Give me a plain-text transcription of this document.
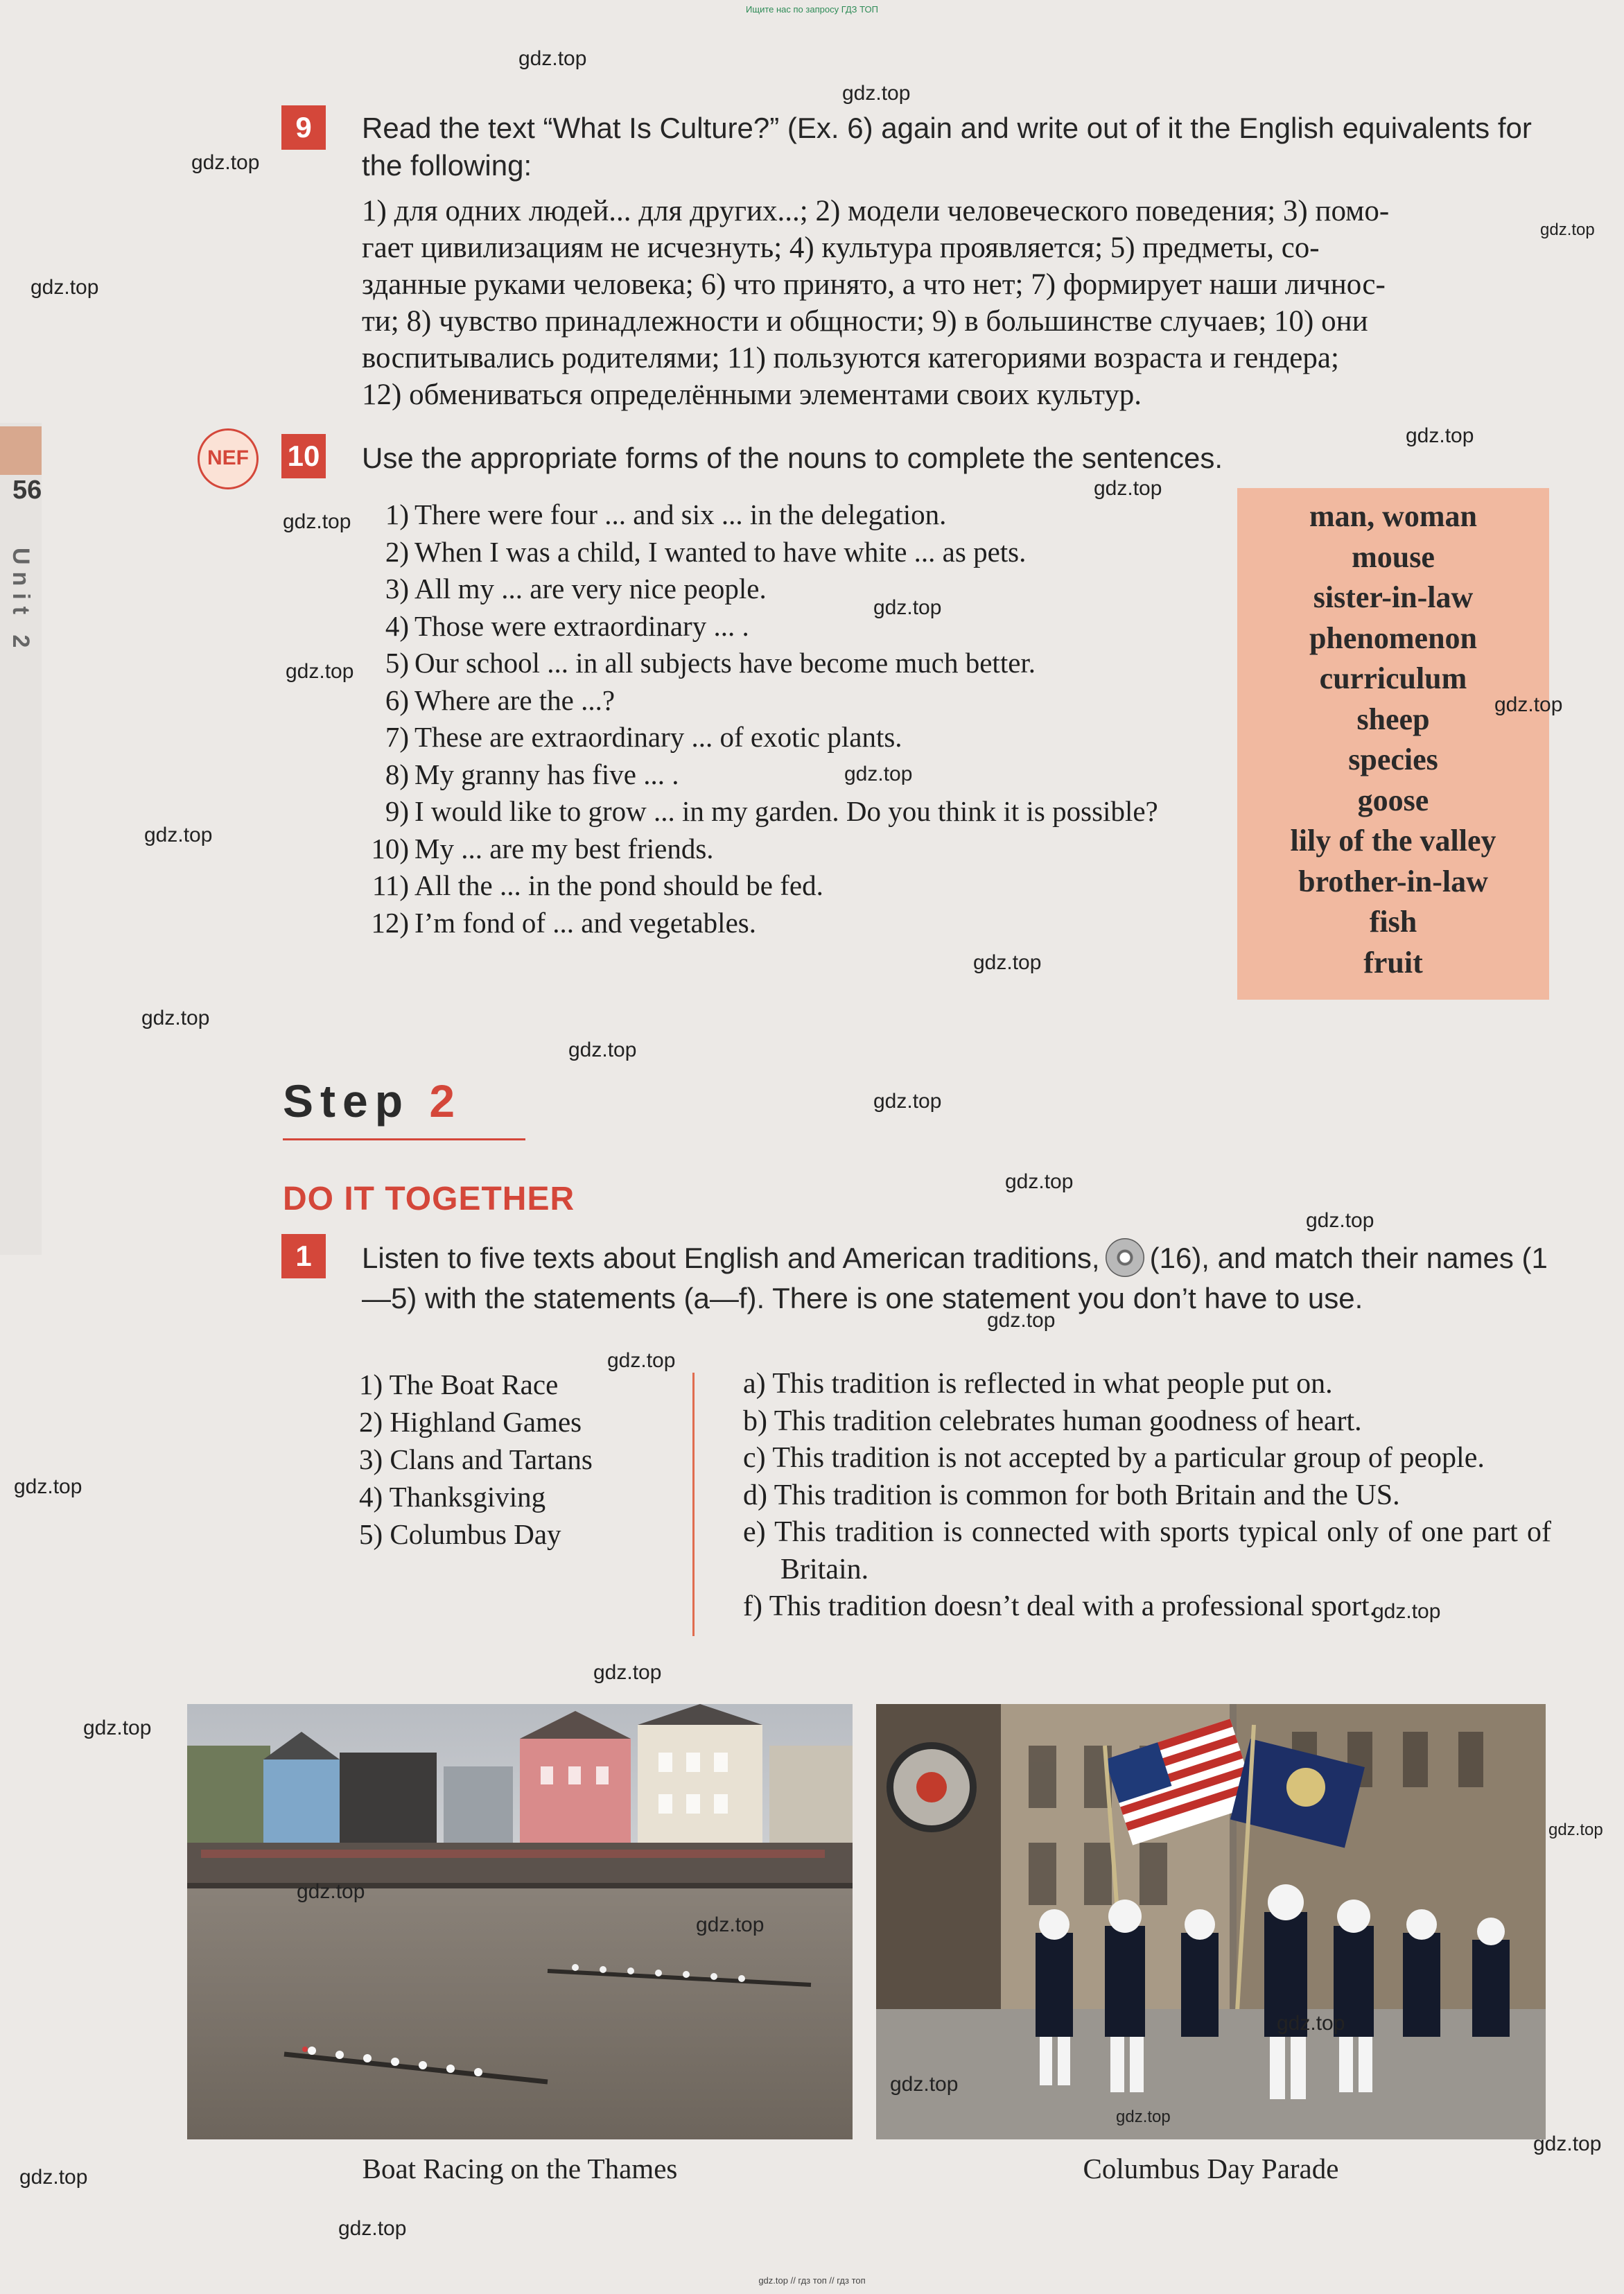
Ищите нас по запросу ГДЗ ТОП
56
Unit 2
9	Read the text “What Is Culture?” (Ex. 6) again and write out of it the English equivalents for the following:
1) для одних людей... для других...; 2) модели человеческого поведения; 3) помо-
гает цивилизациям не исчезнуть; 4) культура проявляется; 5) предметы, со-
зданные руками человека; 6) что принято, а что нет; 7) формирует наши личнос-
ти; 8) чувство принадлежности и общности; 9) в большинстве случаев; 10) они
воспитывались родителями; 11) пользуются категориями возраста и гендера;
12) обмениваться определёнными элементами своих культур.
NEF	10 Use the appropriate forms of the nouns to complete the sentences.
1) There were four ... and six ... in the delegation.
2) When I was a child, I wanted to have white ... as pets.
3) All my ... are very nice people.
4) Those were extraordinary ... .
5) Our school ... in all subjects have become much better.
6) Where are the ...?
7) These are extraordinary ... of exotic plants.
8) My granny has five ... .
9) I would like to grow ... in my garden. Do you think it is possible?
10) My ... are my best friends.
11) All the ... in the pond should be fed.
12) I’m fond of ... and vegetables.
man, woman
mouse
sister-in-law
phenomenon
curriculum
sheep
species
goose
lily of the valley
brother-in-law
fish
fruit
Step 2
DO IT TOGETHER
1	Listen to five texts about English and American traditions, (16), and match their names (1—5) with the statements (a—f). There is one statement you don’t have to use.
1) The Boat Race
2) Highland Games
3) Clans and Tartans
4) Thanksgiving
5) Columbus Day
a) This tradition is reflected in what people put on.
b) This tradition celebrates human goodness of heart.
c) This tradition is not accepted by a particular group of people.
d) This tradition is common for both Britain and the US.
e) This tradition is connected with sports typical only of one part of Britain.
f) This tradition doesn’t deal with a professional sport.
Boat Racing on the Thames	Columbus Day Parade
gdz.top
gdz.top
gdz.top
gdz.top
gdz.top
gdz.top
gdz.top
gdz.top
gdz.top
gdz.top
gdz.top
gdz.top
gdz.top
gdz.top
gdz.top
gdz.top
gdz.top
gdz.top
gdz.top
gdz.top
gdz.top
gdz.top
gdz.top
gdz.top
gdz.top
gdz.top
gdz.top
gdz.top
gdz.top
gdz.top
gdz.top
gdz.top
gdz.top
gdz.top
gdz.top // гдз топ // гдз топ
